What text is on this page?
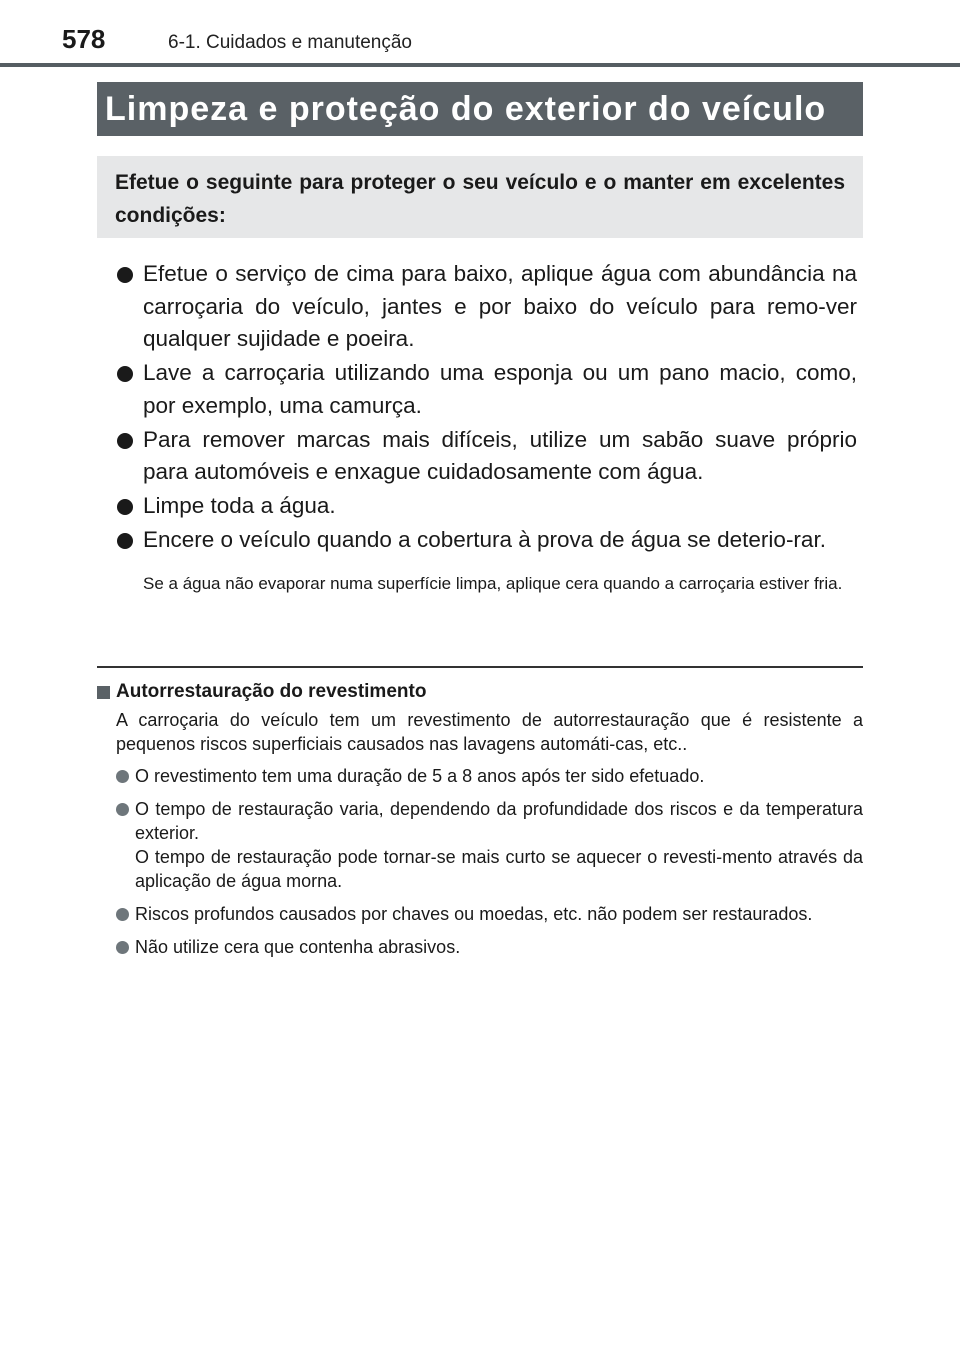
578	6-1. Cuidados e manutenção
Limpeza e proteção do exterior do veículo
Efetue o seguinte para proteger o seu veículo e o manter em excelentes condições:
Efetue o serviço de cima para baixo, aplique água com abundância na carroçaria do veículo, jantes e por baixo do veículo para remo-ver qualquer sujidade e poeira.
Lave a carroçaria utilizando uma esponja ou um pano macio, como, por exemplo, uma camurça.
Para remover marcas mais difíceis, utilize um sabão suave próprio para automóveis e enxague cuidadosamente com água.
Limpe toda a água.
Encere o veículo quando a cobertura à prova de água se deterio-rar.
Se a água não evaporar numa superfície limpa, aplique cera quando a carroçaria estiver fria.
Autorrestauração do revestimento
A carroçaria do veículo tem um revestimento de autorrestauração que é resistente a pequenos riscos superficiais causados nas lavagens automáti-cas, etc..
O revestimento tem uma duração de 5 a 8 anos após ter sido efetuado.
O tempo de restauração varia, dependendo da profundidade dos riscos e da temperatura exterior.
O tempo de restauração pode tornar-se mais curto se aquecer o revesti-mento através da aplicação de água morna.
Riscos profundos causados por chaves ou moedas, etc. não podem ser restaurados.
Não utilize cera que contenha abrasivos.
